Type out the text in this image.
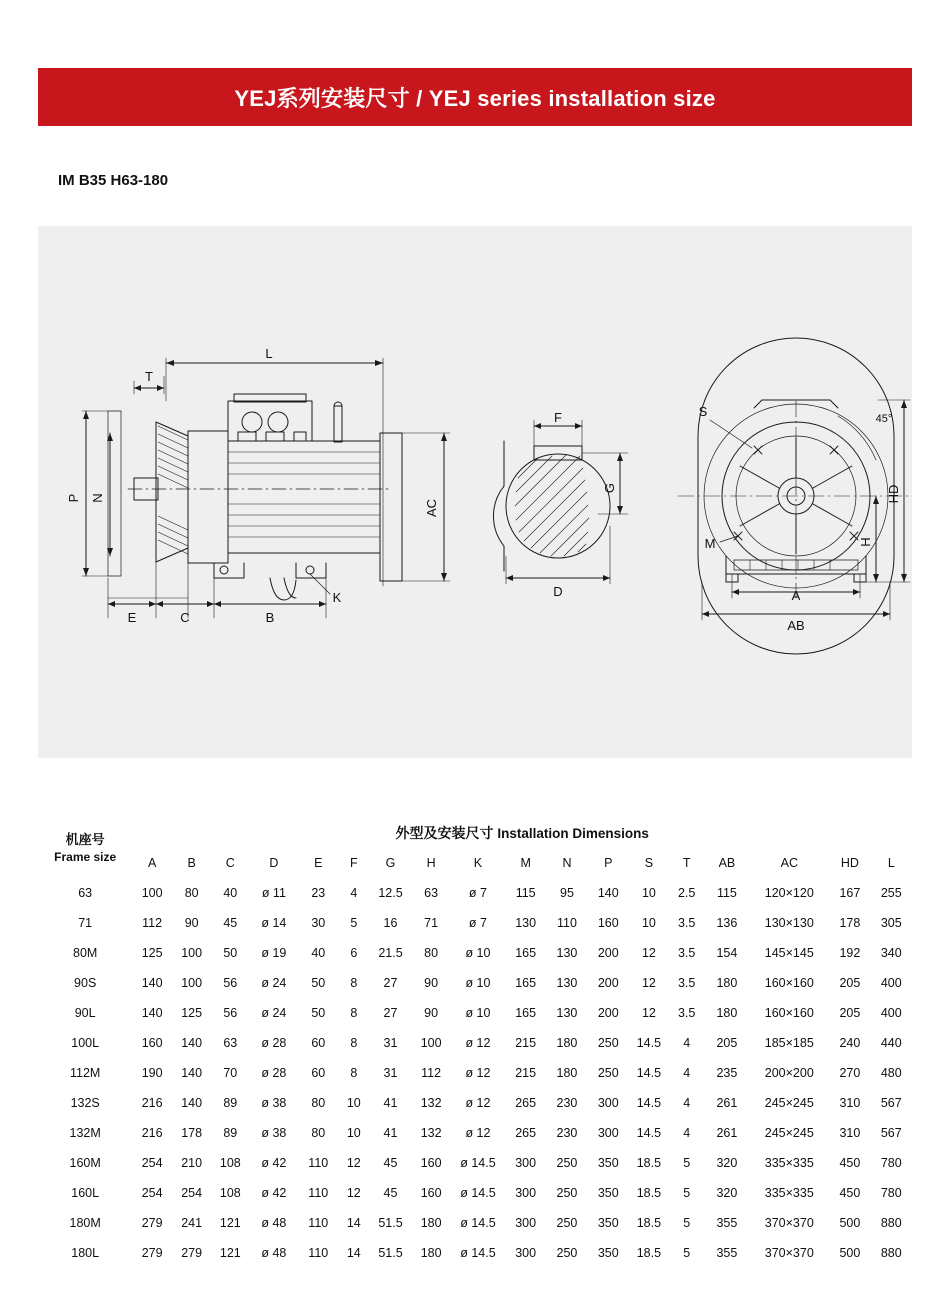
YEJ系列安装尺寸 / YEJ series installation size
IM B35 H63-180
L
T
P N
E	C	B
K
AC
F
G
D
S
M
A
AB
H
HD
45°
机座号
Frame size	外型及安装尺寸 Installation Dimensions																	
	A	B	C	D	E	F	G	H	K	M	N	P	S	T	AB	AC	HD	L
63	100	80	40	ø 11	23	4	12.5	63	ø 7	115	95	140	10	2.5	115	120×120	167	255
71	112	90	45	ø 14	30	5	16	71	ø 7	130	110	160	10	3.5	136	130×130	178	305
80M	125	100	50	ø 19	40	6	21.5	80	ø 10	165	130	200	12	3.5	154	145×145	192	340
90S	140	100	56	ø 24	50	8	27	90	ø 10	165	130	200	12	3.5	180	160×160	205	400
90L	140	125	56	ø 24	50	8	27	90	ø 10	165	130	200	12	3.5	180	160×160	205	400
100L	160	140	63	ø 28	60	8	31	100	ø 12	215	180	250	14.5	4	205	185×185	240	440
112M	190	140	70	ø 28	60	8	31	112	ø 12	215	180	250	14.5	4	235	200×200	270	480
132S	216	140	89	ø 38	80	10	41	132	ø 12	265	230	300	14.5	4	261	245×245	310	567
132M	216	178	89	ø 38	80	10	41	132	ø 12	265	230	300	14.5	4	261	245×245	310	567
160M	254	210	108	ø 42	110	12	45	160	ø 14.5	300	250	350	18.5	5	320	335×335	450	780
160L	254	254	108	ø 42	110	12	45	160	ø 14.5	300	250	350	18.5	5	320	335×335	450	780
180M	279	241	121	ø 48	110	14	51.5	180	ø 14.5	300	250	350	18.5	5	355	370×370	500	880
180L	279	279	121	ø 48	110	14	51.5	180	ø 14.5	300	250	350	18.5	5	355	370×370	500	880
